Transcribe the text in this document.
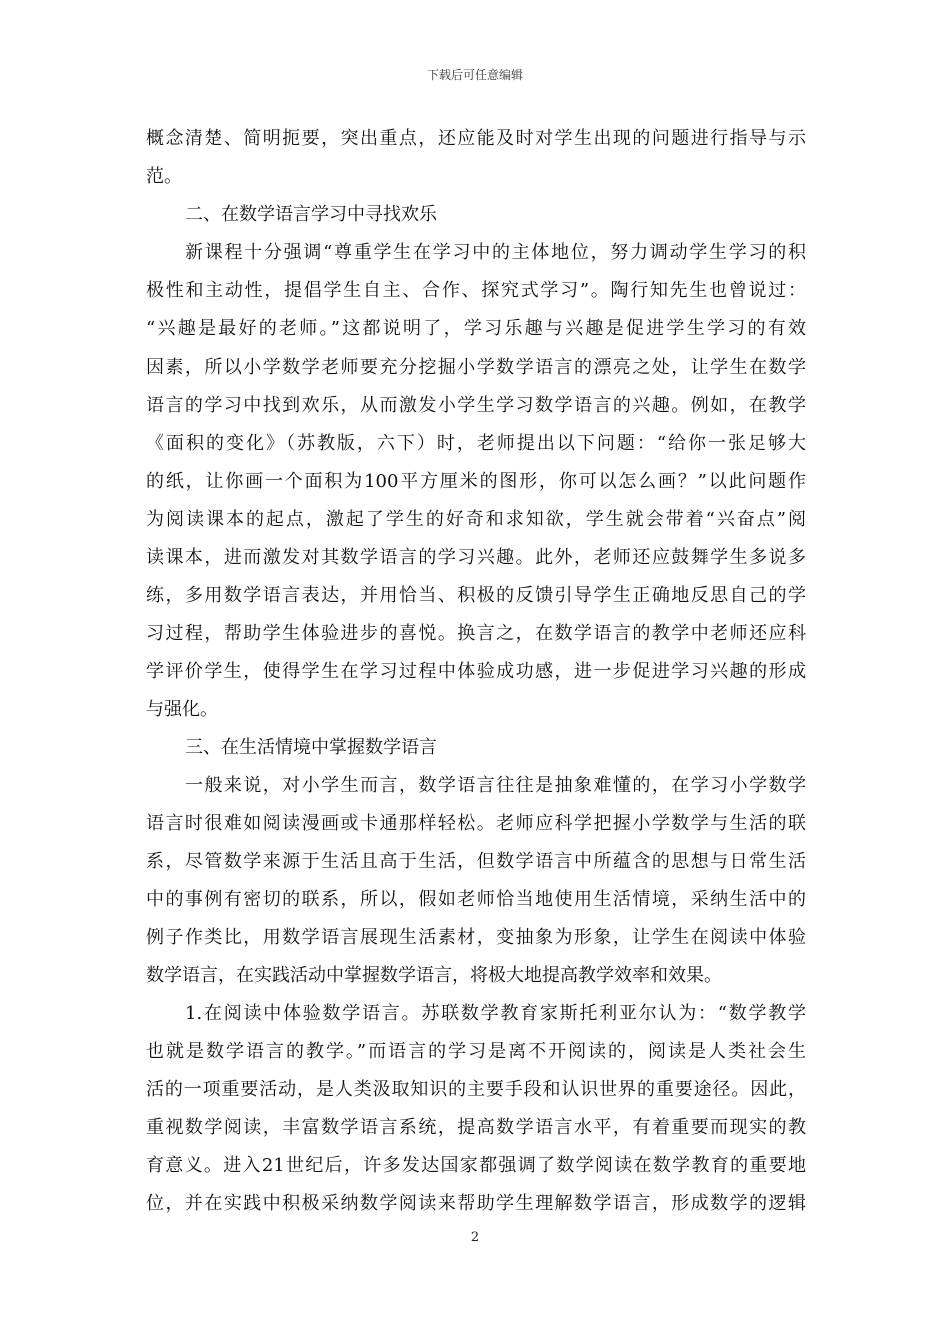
下载后可任意编辑
概念清楚、简明扼要，突出重点，还应能及时对学生出现的问题进行指导与示
范。
二、在数学语言学习中寻找欢乐
新课程十分强调“尊重学生在学习中的主体地位，努力调动学生学习的积
极性和主动性，提倡学生自主、合作、探究式学习”。陶行知先生也曾说过：
“兴趣是最好的老师。”这都说明了，学习乐趣与兴趣是促进学生学习的有效
因素，所以小学数学老师要充分挖掘小学数学语言的漂亮之处，让学生在数学
语言的学习中找到欢乐，从而激发小学生学习数学语言的兴趣。例如，在教学
《面积的变化》（苏教版，六下）时，老师提出以下问题：“给你一张足够大
的纸，让你画一个面积为100平方厘米的图形，你可以怎么画？”以此问题作
为阅读课本的起点，激起了学生的好奇和求知欲，学生就会带着“兴奋点”阅
读课本，进而激发对其数学语言的学习兴趣。此外，老师还应鼓舞学生多说多
练，多用数学语言表达，并用恰当、积极的反馈引导学生正确地反思自己的学
习过程，帮助学生体验进步的喜悦。换言之，在数学语言的教学中老师还应科
学评价学生，使得学生在学习过程中体验成功感，进一步促进学习兴趣的形成
与强化。
三、在生活情境中掌握数学语言
一般来说，对小学生而言，数学语言往往是抽象难懂的，在学习小学数学
语言时很难如阅读漫画或卡通那样轻松。老师应科学把握小学数学与生活的联
系，尽管数学来源于生活且高于生活，但数学语言中所蕴含的思想与日常生活
中的事例有密切的联系，所以，假如老师恰当地使用生活情境，采纳生活中的
例子作类比，用数学语言展现生活素材，变抽象为形象，让学生在阅读中体验
数学语言，在实践活动中掌握数学语言，将极大地提高教学效率和效果。
1.在阅读中体验数学语言。苏联数学教育家斯托利亚尔认为：“数学教学
也就是数学语言的教学。”而语言的学习是离不开阅读的，阅读是人类社会生
活的一项重要活动，是人类汲取知识的主要手段和认识世界的重要途径。因此，
重视数学阅读，丰富数学语言系统，提高数学语言水平，有着重要而现实的教
育意义。进入21世纪后，许多发达国家都强调了数学阅读在数学教育的重要地
位，并在实践中积极采纳数学阅读来帮助学生理解数学语言，形成数学的逻辑
2
